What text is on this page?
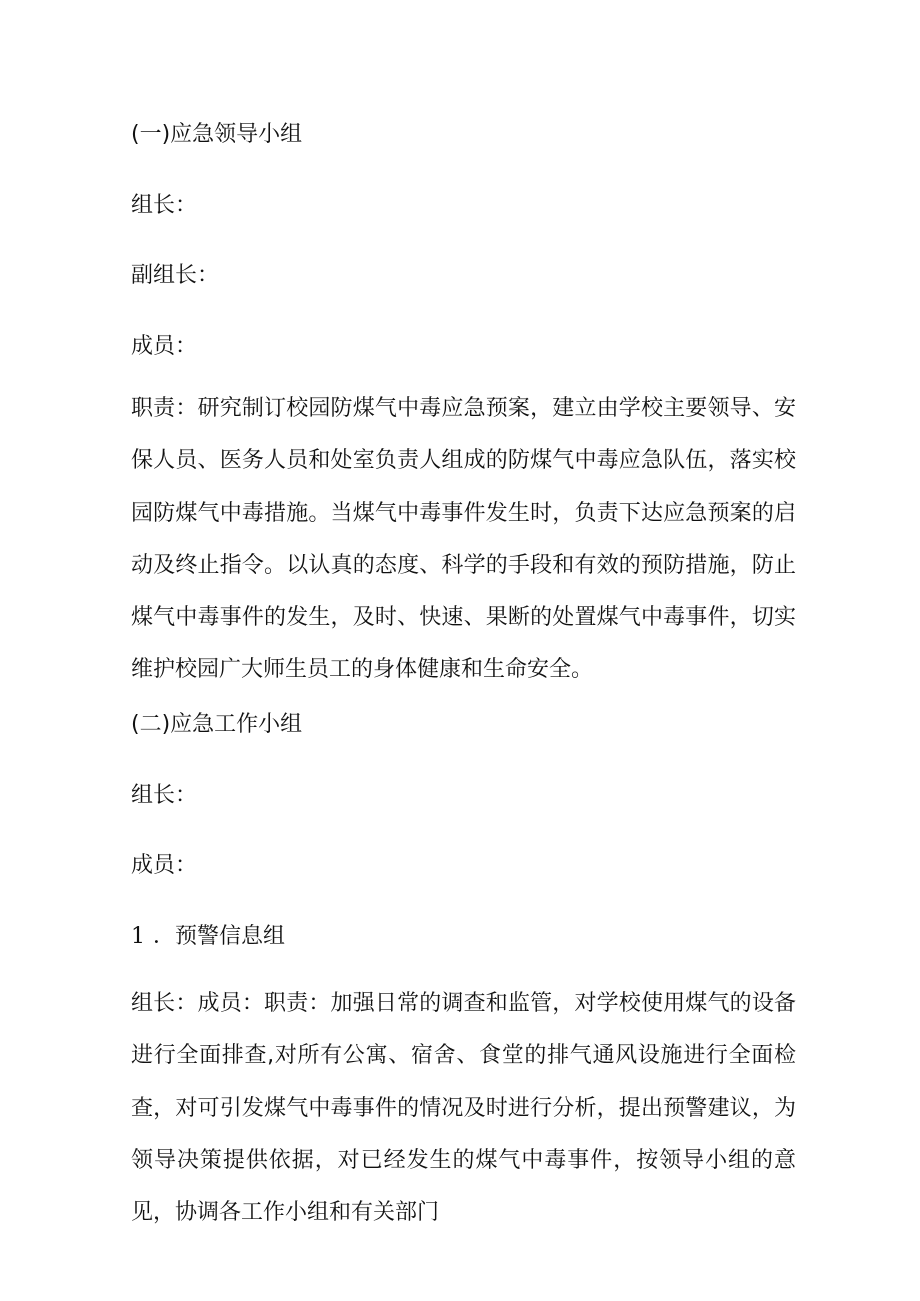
(一)应急领导小组
组长：
副组长：
成员：

职责：研究制订校园防煤气中毒应急预案，建立由学校主要领导、安保人员、医务人员和处室负责人组成的防煤气中毒应急队伍，落实校园防煤气中毒措施。当煤气中毒事件发生时，负责下达应急预案的启动及终止指令。以认真的态度、科学的手段和有效的预防措施，防止煤气中毒事件的发生，及时、快速、果断的处置煤气中毒事件，切实维护校园广大师生员工的身体健康和生命安全。

(二)应急工作小组
组长：
成员：
1 ．预警信息组

组长：成员：职责：加强日常的调查和监管，对学校使用煤气的设备进行全面排查,对所有公寓、宿舍、食堂的排气通风设施进行全面检查，对可引发煤气中毒事件的情况及时进行分析，提出预警建议，为领导决策提供依据，对已经发生的煤气中毒事件，按领导小组的意见，协调各工作小组和有关部门
